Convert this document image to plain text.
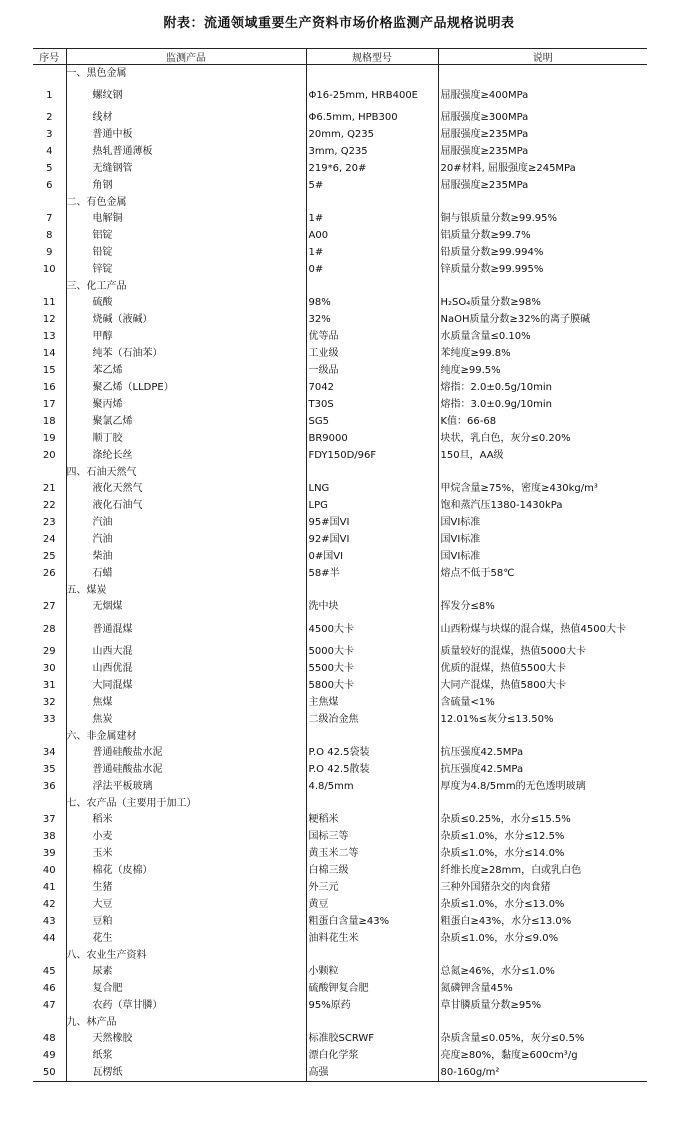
附表：流通领域重要生产资料市场价格监测产品规格说明表
序号	监测产品	规格型号	说明
	一、黑色金属		
1	螺纹钢	Φ16-25mm, HRB400E	屈服强度≥400MPa
2	线材	Φ6.5mm, HPB300	屈服强度≥300MPa
3	普通中板	20mm, Q235	屈服强度≥235MPa
4	热轧普通薄板	3mm, Q235	屈服强度≥235MPa
5	无缝钢管	219*6, 20#	20#材料, 屈服强度≥245MPa
6	角钢	5#	屈服强度≥235MPa
	二、有色金属		
7	电解铜	1#	铜与银质量分数≥99.95%
8	铝锭	A00	铝质量分数≥99.7%
9	铅锭	1#	铅质量分数≥99.994%
10	锌锭	0#	锌质量分数≥99.995%
	三、化工产品		
11	硫酸	98%	H₂SO₄质量分数≥98%
12	烧碱（液碱）	32%	NaOH质量分数≥32%的离子膜碱
13	甲醇	优等品	水质量含量≤0.10%
14	纯苯（石油苯）	工业级	苯纯度≥99.8%
15	苯乙烯	一级品	纯度≥99.5%
16	聚乙烯（LLDPE）	7042	熔指：2.0±0.5g/10min
17	聚丙烯	T30S	熔指：3.0±0.9g/10min
18	聚氯乙烯	SG5	K值：66-68
19	顺丁胶	BR9000	块状，乳白色，灰分≤0.20%
20	涤纶长丝	FDY150D/96F	150旦，AA级
	四、石油天然气		
21	液化天然气	LNG	甲烷含量≥75%，密度≥430kg/m³
22	液化石油气	LPG	饱和蒸汽压1380-1430kPa
23	汽油	95#国VI	国VI标准
24	汽油	92#国VI	国VI标准
25	柴油	0#国VI	国VI标准
26	石蜡	58#半	熔点不低于58℃
	五、煤炭		
27	无烟煤	洗中块	挥发分≤8%
28	普通混煤	4500大卡	山西粉煤与块煤的混合煤，热值4500大卡
29	山西大混	5000大卡	质量较好的混煤，热值5000大卡
30	山西优混	5500大卡	优质的混煤，热值5500大卡
31	大同混煤	5800大卡	大同产混煤，热值5800大卡
32	焦煤	主焦煤	含硫量<1%
33	焦炭	二级冶金焦	12.01%≤灰分≤13.50%
	六、非金属建材		
34	普通硅酸盐水泥	P.O 42.5袋装	抗压强度42.5MPa
35	普通硅酸盐水泥	P.O 42.5散装	抗压强度42.5MPa
36	浮法平板玻璃	4.8/5mm	厚度为4.8/5mm的无色透明玻璃
	七、农产品（主要用于加工）		
37	稻米	粳稻米	杂质≤0.25%，水分≤15.5%
38	小麦	国标三等	杂质≤1.0%，水分≤12.5%
39	玉米	黄玉米二等	杂质≤1.0%，水分≤14.0%
40	棉花（皮棉）	白棉三级	纤维长度≥28mm，白或乳白色
41	生猪	外三元	三种外国猪杂交的肉食猪
42	大豆	黄豆	杂质≤1.0%，水分≤13.0%
43	豆粕	粗蛋白含量≥43%	粗蛋白≥43%，水分≤13.0%
44	花生	油料花生米	杂质≤1.0%，水分≤9.0%
	八、农业生产资料		
45	尿素	小颗粒	总氮≥46%，水分≤1.0%
46	复合肥	硫酸钾复合肥	氮磷钾含量45%
47	农药（草甘膦）	95%原药	草甘膦质量分数≥95%
	九、林产品		
48	天然橡胶	标准胶SCRWF	杂质含量≤0.05%，灰分≤0.5%
49	纸浆	漂白化学浆	亮度≥80%，黏度≥600cm³/g
50	瓦楞纸	高强	80-160g/m²
